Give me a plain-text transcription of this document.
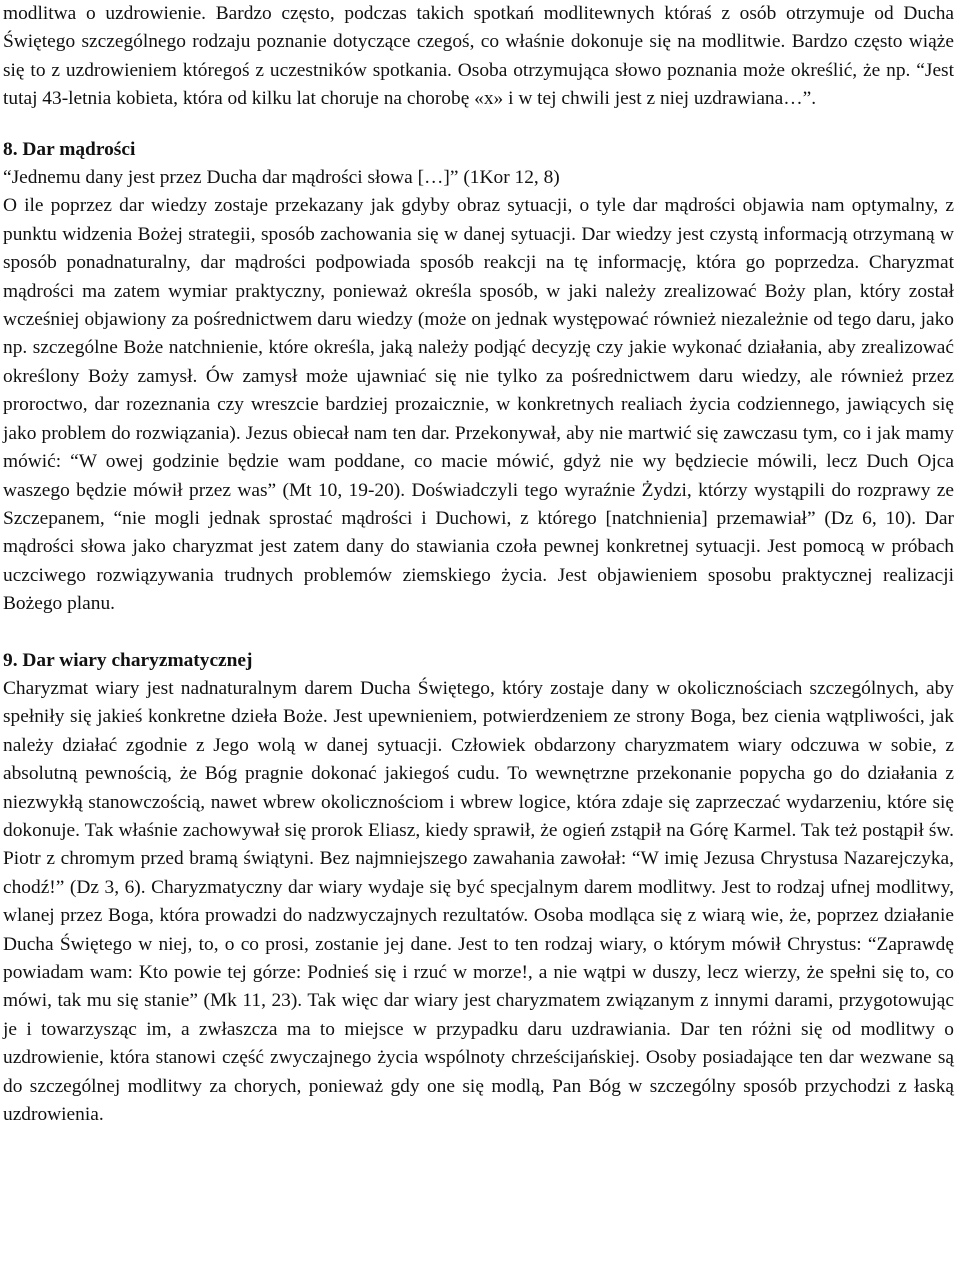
modlitwa o uzdrowienie. Bardzo często, podczas takich spotkań modlitewnych któraś z osób otrzymuje od Ducha Świętego szczególnego rodzaju poznanie dotyczące czegoś, co właśnie dokonuje się na modlitwie. Bardzo często wiąże się to z uzdrowieniem któregoś z uczestników spotkania. Osoba otrzymująca słowo poznania może określić, że np. “Jest tutaj 43-letnia kobieta, która od kilku lat choruje na chorobę «x» i w tej chwili jest z niej uzdrawiana…”.

8. Dar mądrości

“Jednemu dany jest przez Ducha dar mądrości słowa […]” (1Kor 12, 8)

O ile poprzez dar wiedzy zostaje przekazany jak gdyby obraz sytuacji, o tyle dar mądrości objawia nam optymalny, z punktu widzenia Bożej strategii, sposób zachowania się w danej sytuacji. Dar wiedzy jest czystą informacją otrzymaną w sposób ponadnaturalny, dar mądrości podpowiada sposób reakcji na tę informację, która go poprzedza. Charyzmat mądrości ma zatem wymiar praktyczny, ponieważ określa sposób, w jaki należy zrealizować Boży plan, który został wcześniej objawiony za pośrednictwem daru wiedzy (może on jednak występować również niezależnie od tego daru, jako np. szczególne Boże natchnienie, które określa, jaką należy podjąć decyzję czy jakie wykonać działania, aby zrealizować określony Boży zamysł. Ów zamysł może ujawniać się nie tylko za pośrednictwem daru wiedzy, ale również przez proroctwo, dar rozeznania czy wreszcie bardziej prozaicznie, w konkretnych realiach życia codziennego, jawiących się jako problem do rozwiązania). Jezus obiecał nam ten dar. Przekonywał, aby nie martwić się zawczasu tym, co i jak mamy mówić: “W owej godzinie będzie wam poddane, co macie mówić, gdyż nie wy będziecie mówili, lecz Duch Ojca waszego będzie mówił przez was” (Mt 10, 19-20). Doświadczyli tego wyraźnie Żydzi, którzy wystąpili do rozprawy ze Szczepanem, “nie mogli jednak sprostać mądrości i Duchowi, z którego [natchnienia] przemawiał” (Dz 6, 10). Dar mądrości słowa jako charyzmat jest zatem dany do stawiania czoła pewnej konkretnej sytuacji. Jest pomocą w próbach uczciwego rozwiązywania trudnych problemów ziemskiego życia. Jest objawieniem sposobu praktycznej realizacji Bożego planu.

9. Dar wiary charyzmatycznej

Charyzmat wiary jest nadnaturalnym darem Ducha Świętego, który zostaje dany w okolicznościach szczególnych, aby spełniły się jakieś konkretne dzieła Boże. Jest upewnieniem, potwierdzeniem ze strony Boga, bez cienia wątpliwości, jak należy działać zgodnie z Jego wolą w danej sytuacji. Człowiek obdarzony charyzmatem wiary odczuwa w sobie, z absolutną pewnością, że Bóg pragnie dokonać jakiegoś cudu. To wewnętrzne przekonanie popycha go do działania z niezwykłą stanowczością, nawet wbrew okolicznościom i wbrew logice, która zdaje się zaprzeczać wydarzeniu, które się dokonuje. Tak właśnie zachowywał się prorok Eliasz, kiedy sprawił, że ogień zstąpił na Górę Karmel. Tak też postąpił św. Piotr z chromym przed bramą świątyni. Bez najmniejszego zawahania zawołał: “W imię Jezusa Chrystusa Nazarejczyka, chodź!” (Dz 3, 6). Charyzmatyczny dar wiary wydaje się być specjalnym darem modlitwy. Jest to rodzaj ufnej modlitwy, wlanej przez Boga, która prowadzi do nadzwyczajnych rezultatów. Osoba modląca się z wiarą wie, że, poprzez działanie Ducha Świętego w niej, to, o co prosi, zostanie jej dane. Jest to ten rodzaj wiary, o którym mówił Chrystus: “Zaprawdę powiadam wam: Kto powie tej górze: Podnieś się i rzuć w morze!, a nie wątpi w duszy, lecz wierzy, że spełni się to, co mówi, tak mu się stanie” (Mk 11, 23). Tak więc dar wiary jest charyzmatem związanym z innymi darami, przygotowując je i towarzysząc im, a zwłaszcza ma to miejsce w przypadku daru uzdrawiania. Dar ten różni się od modlitwy o uzdrowienie, która stanowi część zwyczajnego życia wspólnoty chrześcijańskiej. Osoby posiadające ten dar wezwane są do szczególnej modlitwy za chorych, ponieważ gdy one się modlą, Pan Bóg w szczególny sposób przychodzi z łaską uzdrowienia.
